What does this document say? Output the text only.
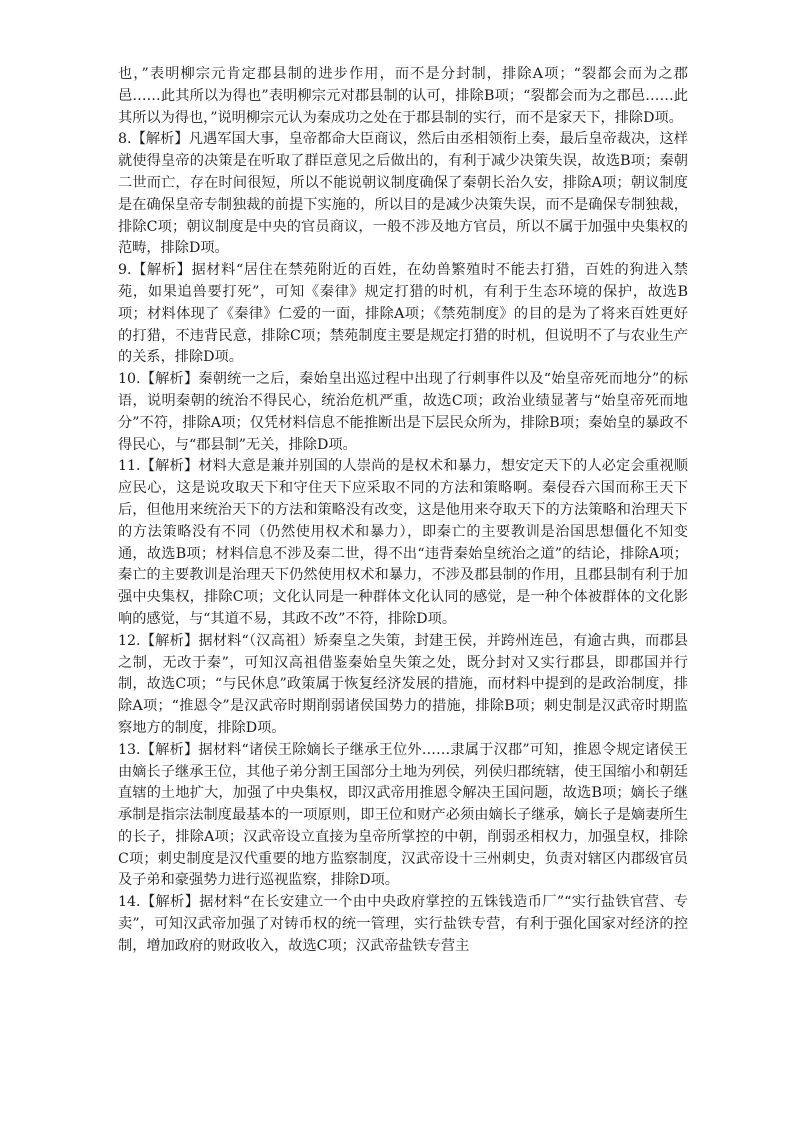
也，”表明柳宗元肯定郡县制的进步作用，而不是分封制，排除A项；“裂都会而为之郡邑……此其所以为得也”表明柳宗元对郡县制的认可，排除B项；“裂都会而为之郡邑……此其所以为得也，”说明柳宗元认为秦成功之处在于郡县制的实行，而不是家天下，排除D项。

8.【解析】凡遇军国大事，皇帝都命大臣商议，然后由丞相领衔上奏，最后皇帝裁决，这样就使得皇帝的决策是在听取了群臣意见之后做出的，有利于减少决策失误，故选B项；秦朝二世而亡，存在时间很短，所以不能说朝议制度确保了秦朝长治久安，排除A项；朝议制度是在确保皇帝专制独裁的前提下实施的，所以目的是减少决策失误，而不是确保专制独裁，排除C项；朝议制度是中央的官员商议，一般不涉及地方官员，所以不属于加强中央集权的范畴，排除D项。

9.【解析】据材料“居住在禁苑附近的百姓，在幼兽繁殖时不能去打猎，百姓的狗进入禁苑，如果追兽要打死”，可知《秦律》规定打猎的时机，有利于生态环境的保护，故选B项；材料体现了《秦律》仁爱的一面，排除A项；《禁苑制度》的目的是为了将来百姓更好的打猎，不违背民意，排除C项；禁苑制度主要是规定打猎的时机，但说明不了与农业生产的关系，排除D项。

10.【解析】秦朝统一之后，秦始皇出巡过程中出现了行刺事件以及“始皇帝死而地分”的标语，说明秦朝的统治不得民心，统治危机严重，故选C项；政治业绩显著与“始皇帝死而地分”不符，排除A项；仅凭材料信息不能推断出是下层民众所为，排除B项；秦始皇的暴政不得民心，与“郡县制”无关，排除D项。

11.【解析】材料大意是兼并别国的人崇尚的是权术和暴力，想安定天下的人必定会重视顺应民心，这是说攻取天下和守住天下应采取不同的方法和策略啊。秦侵吞六国而称王天下后，但他用来统治天下的方法和策略没有改变，这是他用来夺取天下的方法策略和治理天下的方法策略没有不同（仍然使用权术和暴力），即秦亡的主要教训是治国思想僵化不知变通，故选B项；材料信息不涉及秦二世，得不出“违背秦始皇统治之道”的结论，排除A项；秦亡的主要教训是治理天下仍然使用权术和暴力，不涉及郡县制的作用，且郡县制有利于加强中央集权，排除C项；文化认同是一种群体文化认同的感觉，是一种个体被群体的文化影响的感觉，与“其道不易，其政不改”不符，排除D项。

12.【解析】据材料“（汉高祖）矫秦皇之失策，封建王侯，并跨州连邑，有逾古典，而郡县之制，无改于秦”，可知汉高祖借鉴秦始皇失策之处，既分封对又实行郡县，即郡国并行制，故选C项；“与民休息”政策属于恢复经济发展的措施，而材料中提到的是政治制度，排除A项；“推恩令”是汉武帝时期削弱诸侯国势力的措施，排除B项；刺史制是汉武帝时期监察地方的制度，排除D项。

13.【解析】据材料“诸侯王除嫡长子继承王位外……隶属于汉郡”可知，推恩令规定诸侯王由嫡长子继承王位，其他子弟分割王国部分土地为列侯，列侯归郡统辖，使王国缩小和朝廷直辖的土地扩大，加强了中央集权，即汉武帝用推恩令解决王国问题，故选B项；嫡长子继承制是指宗法制度最基本的一项原则，即王位和财产必须由嫡长子继承，嫡长子是嫡妻所生的长子，排除A项；汉武帝设立直接为皇帝所掌控的中朝，削弱丞相权力，加强皇权，排除C项；刺史制度是汉代重要的地方监察制度，汉武帝设十三州刺史，负责对辖区内郡级官员及子弟和豪强势力进行巡视监察，排除D项。

14.【解析】据材料“在长安建立一个由中央政府掌控的五铢钱造币厂”“实行盐铁官营、专卖”，可知汉武帝加强了对铸币权的统一管理，实行盐铁专营，有利于强化国家对经济的控制，增加政府的财政收入，故选C项；汉武帝盐铁专营主
